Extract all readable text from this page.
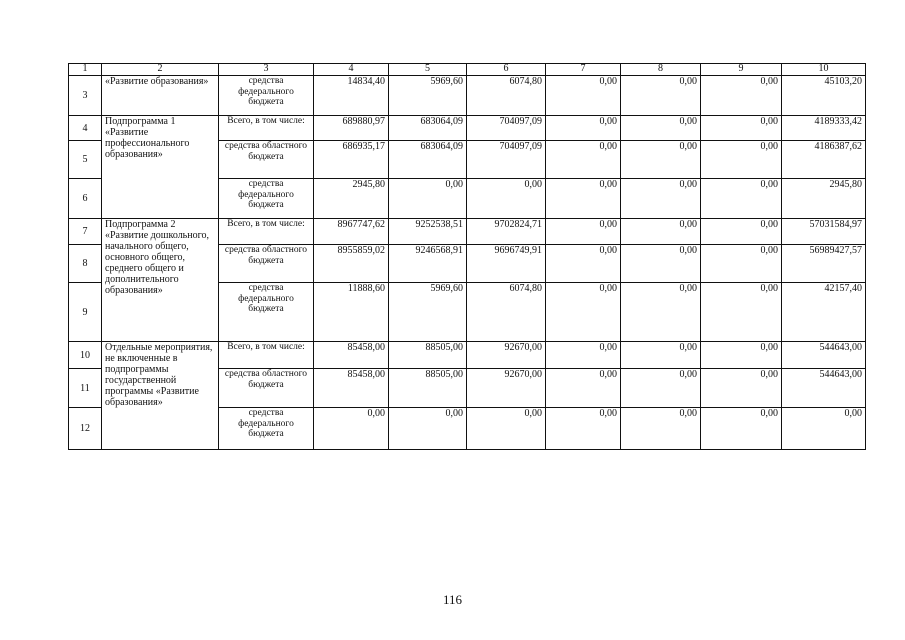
1	2	3	4	5	6	7	8	9	10
3	«Развитие образования»	средства федерального бюджета	14834,40	5969,60	6074,80	0,00	0,00	0,00	45103,20
4	Подпрограмма 1 «Развитие профессионального образования»	Всего, в том числе:	689880,97	683064,09	704097,09	0,00	0,00	0,00	4189333,42
5		средства областного бюджета	686935,17	683064,09	704097,09	0,00	0,00	0,00	4186387,62
6		средства федерального бюджета	2945,80	0,00	0,00	0,00	0,00	0,00	2945,80
7	Подпрограмма 2 «Развитие дошкольного, начального общего, основного общего, среднего общего и дополнительного образования»	Всего, в том числе:	8967747,62	9252538,51	9702824,71	0,00	0,00	0,00	57031584,97
8		средства областного бюджета	8955859,02	9246568,91	9696749,91	0,00	0,00	0,00	56989427,57
9		средства федерального бюджета	11888,60	5969,60	6074,80	0,00	0,00	0,00	42157,40
10	Отдельные мероприятия, не включенные в подпрограммы государственной программы «Развитие образования»	Всего, в том числе:	85458,00	88505,00	92670,00	0,00	0,00	0,00	544643,00
11		средства областного бюджета	85458,00	88505,00	92670,00	0,00	0,00	0,00	544643,00
12		средства федерального бюджета	0,00	0,00	0,00	0,00	0,00	0,00	0,00
116
